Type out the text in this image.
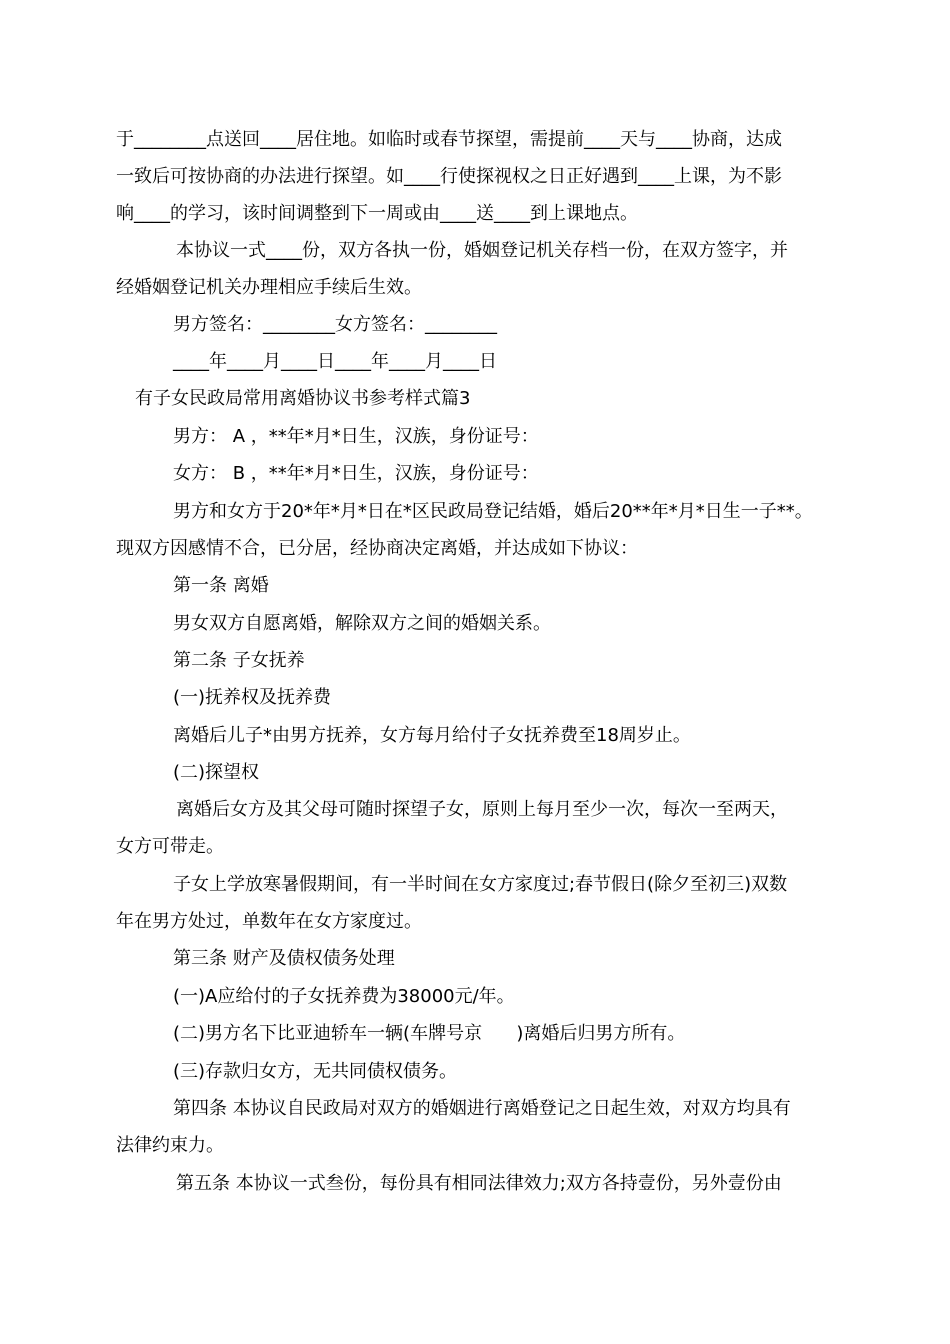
于________点送回____居住地。如临时或春节探望，需提前____天与____协商，达成
一致后可按协商的办法进行探望。如____行使探视权之日正好遇到____上课，为不影
响____的学习，该时间调整到下一周或由____送____到上课地点。
本协议一式____份，双方各执一份，婚姻登记机关存档一份，在双方签字，并
经婚姻登记机关办理相应手续后生效。
男方签名：________女方签名：________
____年____月____日____年____月____日
有子女民政局常用离婚协议书参考样式篇3
男方： A ，**年*月*日生，汉族，身份证号：
女方： B ，**年*月*日生，汉族，身份证号：
男方和女方于20*年*月*日在*区民政局登记结婚，婚后20**年*月*日生一子**。
现双方因感情不合，已分居，经协商决定离婚，并达成如下协议：
第一条 离婚
男女双方自愿离婚，解除双方之间的婚姻关系。
第二条 子女抚养
(一)抚养权及抚养费
离婚后儿子*由男方抚养，女方每月给付子女抚养费至18周岁止。
(二)探望权
离婚后女方及其父母可随时探望子女，原则上每月至少一次，每次一至两天，
女方可带走。
子女上学放寒暑假期间，有一半时间在女方家度过;春节假日(除夕至初三)双数
年在男方处过，单数年在女方家度过。
第三条 财产及债权债务处理
(一)A应给付的子女抚养费为38000元/年。
(二)男方名下比亚迪轿车一辆(车牌号京      )离婚后归男方所有。
(三)存款归女方，无共同债权债务。
第四条 本协议自民政局对双方的婚姻进行离婚登记之日起生效，对双方均具有
法律约束力。
第五条 本协议一式叁份，每份具有相同法律效力;双方各持壹份，另外壹份由
